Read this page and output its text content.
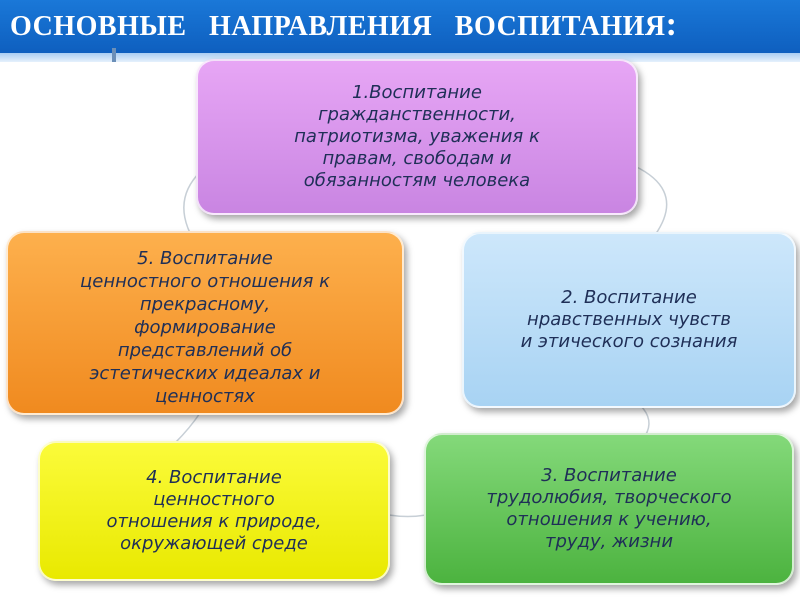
ОСНОВНЫЕ   НАПРАВЛЕНИЯ   ВОСПИТАНИЯ:
1.Воспитание
гражданственности,
патриотизма, уважения к
правам, свободам и
обязанностям человека
2. Воспитание
нравственных чувств
и этического сознания
3. Воспитание
трудолюбия, творческого
отношения к учению,
труду, жизни
4. Воспитание
ценностного
отношения к природе,
окружающей среде
5. Воспитание
ценностного отношения к
прекрасному,
формирование
представлений об
эстетических идеалах и
ценностях
